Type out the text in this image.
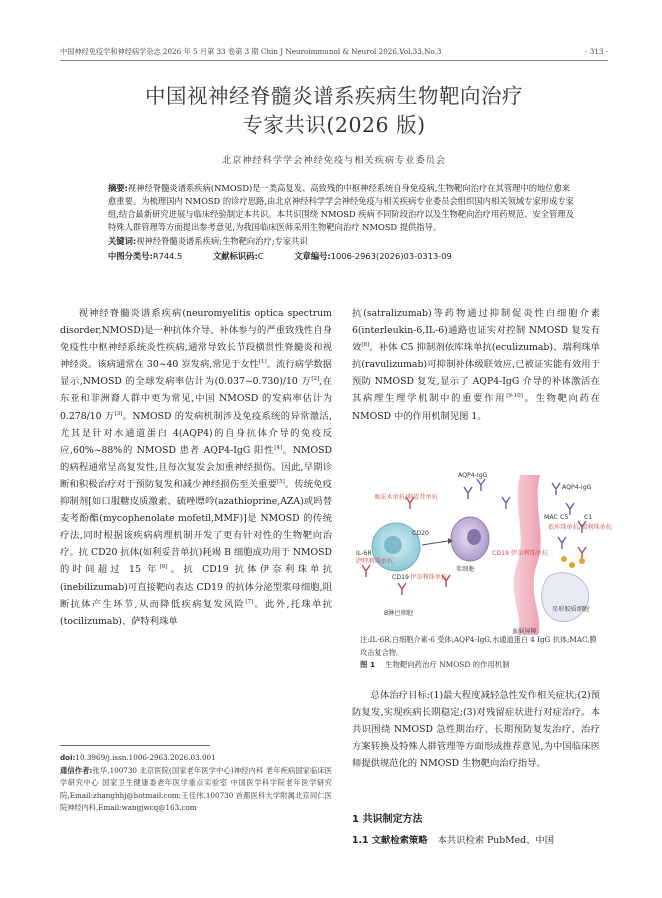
中国神经免疫学和神经病学杂志 2026 年 5 月第 33 卷第 3 期 Chin J Neuroimmunol & Neurol 2026,Vol.33,No.3	· 313 ·
中国视神经脊髓炎谱系疾病生物靶向治疗
专家共识(2026 版)
北京神经科学学会神经免疫与相关疾病专业委员会
摘要:视神经脊髓炎谱系疾病(NMOSD)是一类高复发、高致残的中枢神经系统自身免疫病,生物靶向治疗在其管理中的地位愈来愈重要。为梳理国内 NMOSD 的诊疗思路,由北京神经科学学会神经免疫与相关疾病专业委员会组织国内相关领域专家形成专家组,结合最新研究进展与临床经验制定本共识。本共识围绕 NMOSD 疾病不同阶段治疗以及生物靶向治疗用药规范、安全管理及特殊人群管理等方面提出参考意见,为我国临床医师采用生物靶向治疗 NMOSD 提供指导。
关键词:视神经脊髓炎谱系疾病;生物靶向治疗;专家共识
中图分类号:R744.5	文献标识码:C	文章编号:1006-2963(2026)03-0313-09

视神经脊髓炎谱系疾病(neuromyelitis optica spectrum disorder,NMOSD)是一种抗体介导、补体参与的严重致残性自身免疫性中枢神经系统炎性疾病,通常导致长节段横贯性脊髓炎和视神经炎。该病通常在 30~40 岁发病,常见于女性[1]。流行病学数据显示,NMOSD 的全球发病率估计为(0.037~0.730)/10 万[2],在东亚和非洲裔人群中更为常见,中国 NMOSD 的发病率估计为 0.278/10 万[3]。NMOSD 的发病机制涉及免疫系统的异常激活,尤其是针对水通道蛋白 4(AQP4)的自身抗体介导的免疫反应,60%~88%的 NMOSD 患者 AQP4-IgG 阳性[4]。NMOSD 的病程通常呈高复发性,且每次复发会加重神经损伤。因此,早期诊断和积极治疗对于预防复发和减少神经损伤至关重要[5]。传统免疫抑制剂[如口服糖皮质激素、硫唑嘌呤(azathioprine,AZA)或吗替麦考酚酯(mycophenolate mofetil,MMF)]是 NMOSD 的传统疗法,同时根据该疾病病理机制开发了更有针对性的生物靶向治疗。抗 CD20 抗体(如利妥昔单抗)耗竭 B 细胞成功用于 NMOSD 的时间超过 15 年[6]。抗 CD19 抗体伊奈利珠单抗(inebilizumab)可直接靶向表达 CD19 的抗体分泌型浆母细胞,阻断抗体产生环节,从而降低疾病复发风险[7]。此外,托珠单抗(tocilizumab)、萨特利珠单

抗(satralizumab)等药物通过抑制促炎性白细胞介素 6(interleukin-6,IL-6)通路也证实对控制 NMOSD 复发有效[8]。补体 C5 抑制剂依库珠单抗(eculizumab)、瑞利珠单抗(ravulizumab)可抑制补体级联效应,已被证实能有效用于预防 NMOSD 复发,显示了 AQP4-IgG 介导的补体激活在其病理生理学机制中的重要作用[9-10]。生物靶向药在 NMOSD 中的作用机制见图 1。

奥法木单抗/利妥昔单抗
AQP4-IgG
AQP4-IgG
CD20
IL-6R
萨特利珠单抗
CD19 伊奈利珠单抗
浆细胞
CD19 伊奈利珠单抗
MAC C5
依库珠单抗/瑞利珠单抗
C1
B淋巴细胞
星形胶质细胞
血脑屏障
注:IL-6R,白细胞介素-6 受体;AQP4-IgG,水通道蛋白 4 IgG 抗体;MAC,膜攻击复合物。
图 1 生物靶向药治疗 NMOSD 的作用机制

总体治疗目标:(1)最大程度减轻急性发作相关症状;(2)预防复发,实现疾病长期稳定;(3)对残留症状进行对症治疗。本共识围绕 NMOSD 急性期治疗、长期预防复发治疗、治疗方案转换及特殊人群管理等方面形成推荐意见,为中国临床医师提供规范化的 NMOSD 生物靶向治疗指导。

1 共识制定方法
1.1 文献检索策略 本共识检索 PubMed、中国
doi:10.3969/j.issn.1006-2963.2026.03.001
通信作者:张华,100730 北京医院(国家老年医学中心)神经内科 老年疾病国家临床医学研究中心 国家卫生健康委老年医学重点实验室 中国医学科学院老年医学研究院,Email:zhanghhj@hotmail.com;王佳伟,100730 首都医科大学附属北京同仁医院神经内科,Email:wangjwcq@163.com
